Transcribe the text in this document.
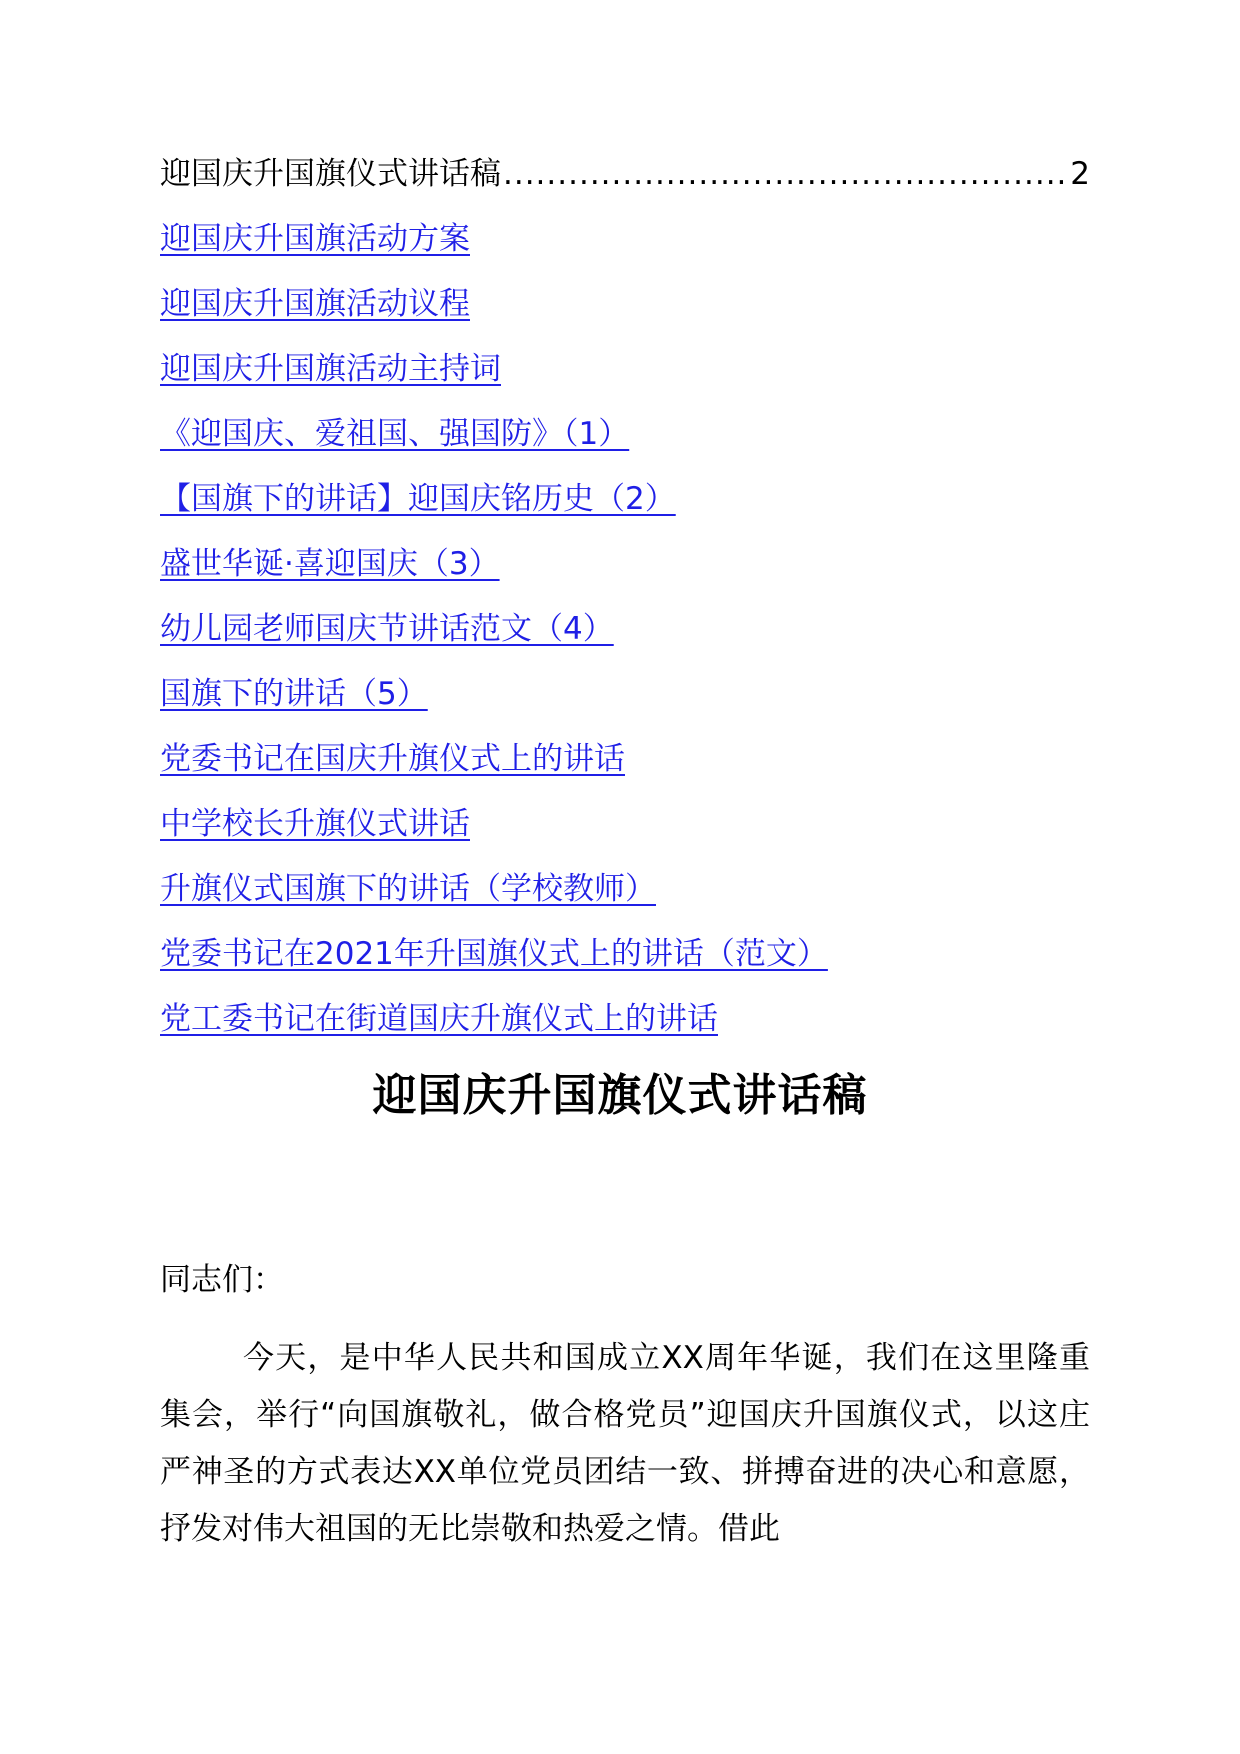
迎国庆升国旗仪式讲话稿
.....	2
迎国庆升国旗活动方案
迎国庆升国旗活动议程
迎国庆升国旗活动主持词
《迎国庆、爱祖国、强国防》（1）
【国旗下的讲话】迎国庆铭历史（2）
盛世华诞·喜迎国庆（3）
幼儿园老师国庆节讲话范文（4）
国旗下的讲话（5）
党委书记在国庆升旗仪式上的讲话
中学校长升旗仪式讲话
升旗仪式国旗下的讲话（学校教师）
党委书记在2021年升国旗仪式上的讲话（范文）
党工委书记在街道国庆升旗仪式上的讲话
迎国庆升国旗仪式讲话稿
同志们：
今天，是中华人民共和国成立XX周年华诞，我们在这里隆重集会，举行“向国旗敬礼，做合格党员”迎国庆升国旗仪式，以这庄严神圣的方式表达XX单位党员团结一致、拼搏奋进的决心和意愿，抒发对伟大祖国的无比崇敬和热爱之情。借此
